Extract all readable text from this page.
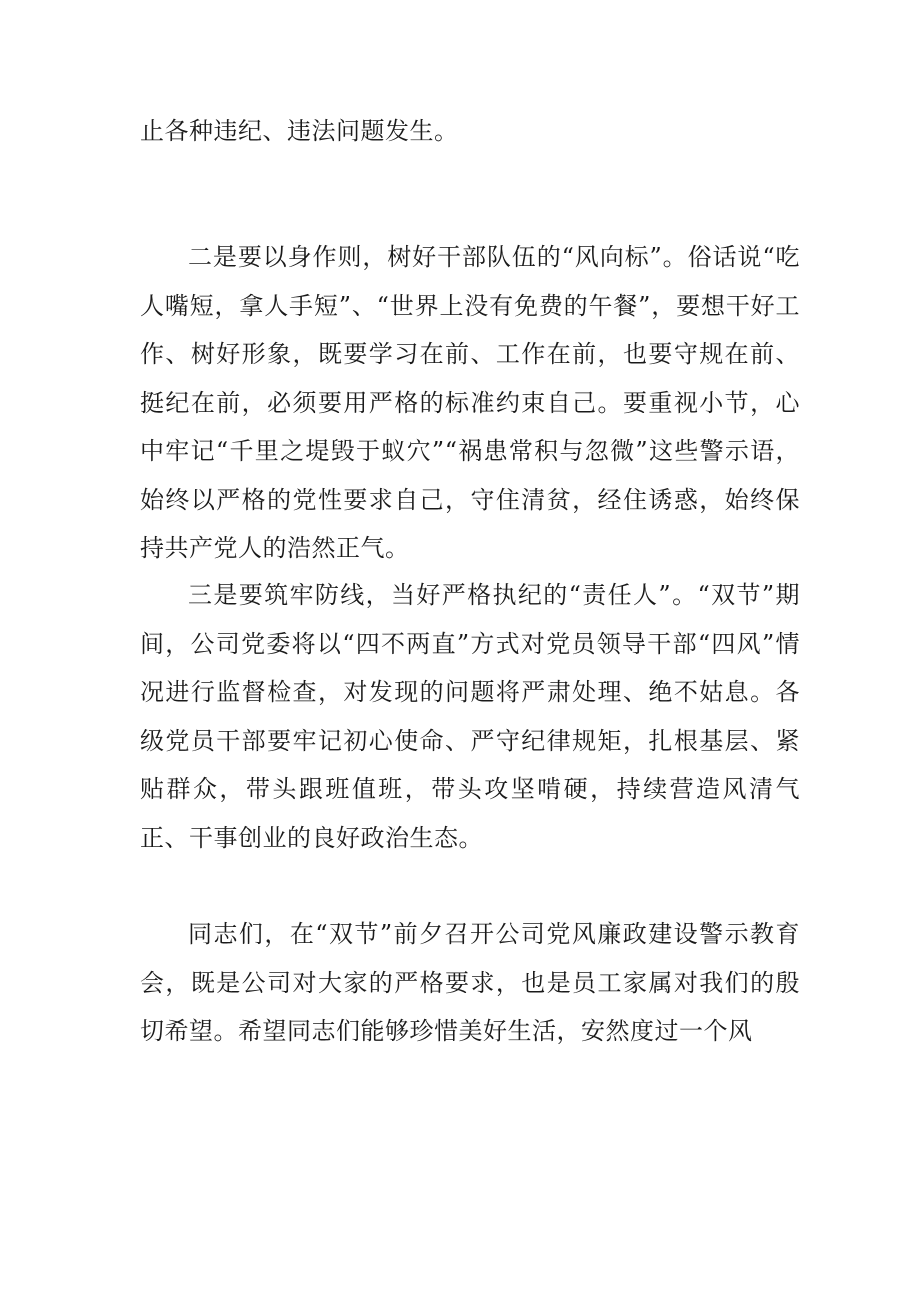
止各种违纪、违法问题发生。

二是要以身作则，树好干部队伍的“风向标”。俗话说“吃人嘴短，拿人手短”、“世界上没有免费的午餐”，要想干好工作、树好形象，既要学习在前、工作在前，也要守规在前、挺纪在前，必须要用严格的标准约束自己。要重视小节，心中牢记“千里之堤毁于蚁穴”“祸患常积与忽微”这些警示语，始终以严格的党性要求自己，守住清贫，经住诱惑，始终保持共产党人的浩然正气。

三是要筑牢防线，当好严格执纪的“责任人”。“双节”期间，公司党委将以“四不两直”方式对党员领导干部“四风”情况进行监督检查，对发现的问题将严肃处理、绝不姑息。各级党员干部要牢记初心使命、严守纪律规矩，扎根基层、紧贴群众，带头跟班值班，带头攻坚啃硬，持续营造风清气正、干事创业的良好政治生态。

同志们，在“双节”前夕召开公司党风廉政建设警示教育会，既是公司对大家的严格要求，也是员工家属对我们的殷切希望。希望同志们能够珍惜美好生活，安然度过一个风
